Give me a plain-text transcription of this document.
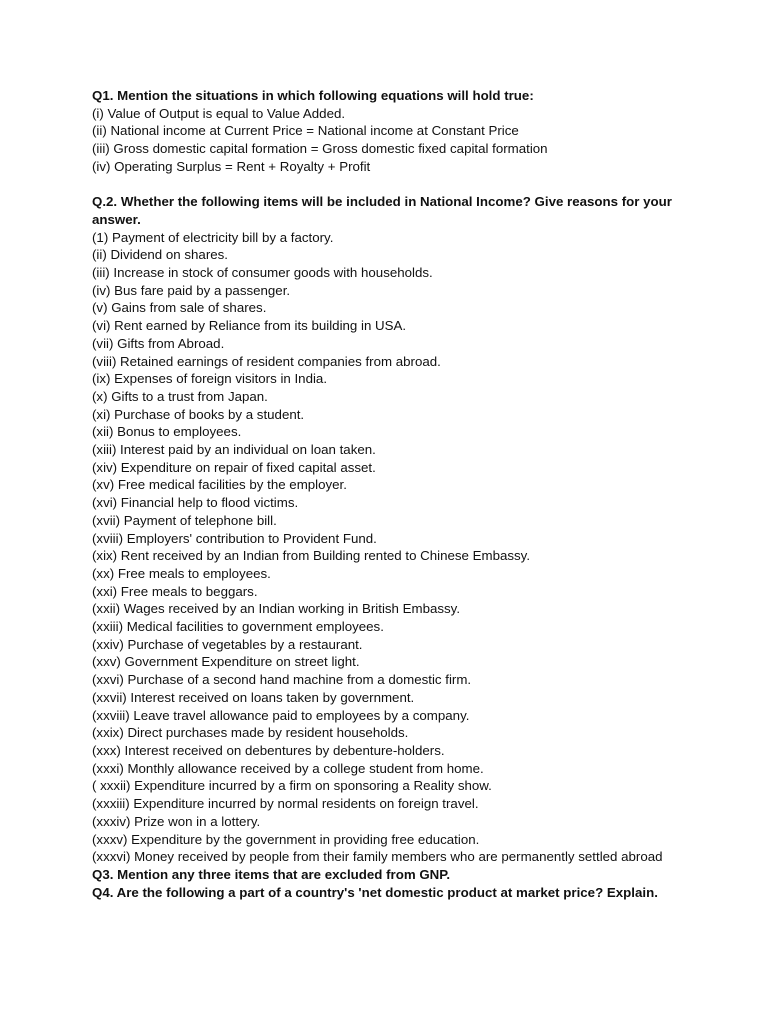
Q1. Mention the situations in which following equations will hold true:
(i) Value of Output is equal to Value Added.
(ii) National income at Current Price = National income at Constant Price
(iii) Gross domestic capital formation = Gross domestic fixed capital formation
(iv) Operating Surplus = Rent + Royalty + Profit
Q.2. Whether the following items will be included in National Income? Give reasons for your answer.
(1) Payment of electricity bill by a factory.
(ii) Dividend on shares.
(iii) Increase in stock of consumer goods with households.
(iv) Bus fare paid by a passenger.
(v) Gains from sale of shares.
(vi) Rent earned by Reliance from its building in USA.
(vii) Gifts from Abroad.
(viii) Retained earnings of resident companies from abroad.
(ix) Expenses of foreign visitors in India.
(x) Gifts to a trust from Japan.
(xi) Purchase of books by a student.
(xii) Bonus to employees.
(xiii) Interest paid by an individual on loan taken.
(xiv) Expenditure on repair of fixed capital asset.
(xv) Free medical facilities by the employer.
(xvi) Financial help to flood victims.
(xvii) Payment of telephone bill.
(xviii) Employers' contribution to Provident Fund.
(xix) Rent received by an Indian from Building rented to Chinese Embassy.
(xx) Free meals to employees.
(xxi) Free meals to beggars.
(xxii) Wages received by an Indian working in British Embassy.
(xxiii) Medical facilities to government employees.
(xxiv) Purchase of vegetables by a restaurant.
(xxv) Government Expenditure on street light.
(xxvi) Purchase of a second hand machine from a domestic firm.
(xxvii) Interest received on loans taken by government.
(xxviii) Leave travel allowance paid to employees by a company.
(xxix) Direct purchases made by resident households.
(xxx) Interest received on debentures by debenture-holders.
(xxxi) Monthly allowance received by a college student from home.
( xxxii) Expenditure incurred by a firm on sponsoring a Reality show.
(xxxiii) Expenditure incurred by normal residents on foreign travel.
(xxxiv) Prize won in a lottery.
(xxxv) Expenditure by the government in providing free education.
(xxxvi) Money received by people from their family members who are permanently settled abroad
Q3. Mention any three items that are excluded from GNP.
Q4. Are the following a part of a country's 'net domestic product at market price? Explain.
